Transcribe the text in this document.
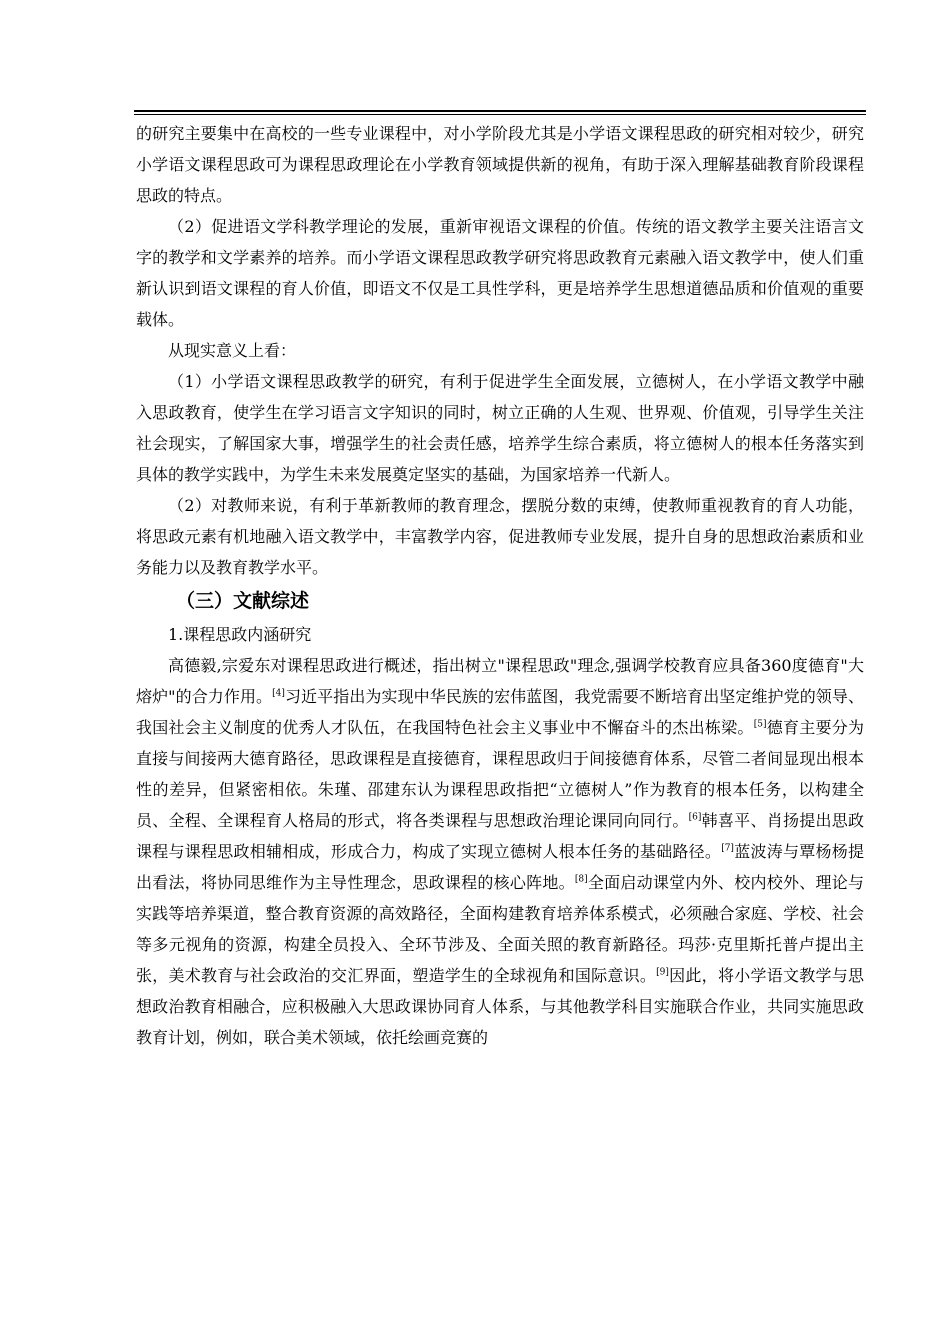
的研究主要集中在高校的一些专业课程中，对小学阶段尤其是小学语文课程思政的研究相对较少，研究小学语文课程思政可为课程思政理论在小学教育领域提供新的视角，有助于深入理解基础教育阶段课程思政的特点。

（2）促进语文学科教学理论的发展，重新审视语文课程的价值。传统的语文教学主要关注语言文字的教学和文学素养的培养。而小学语文课程思政教学研究将思政教育元素融入语文教学中，使人们重新认识到语文课程的育人价值，即语文不仅是工具性学科，更是培养学生思想道德品质和价值观的重要载体。

从现实意义上看：

（1）小学语文课程思政教学的研究，有利于促进学生全面发展，立德树人，在小学语文教学中融入思政教育，使学生在学习语言文字知识的同时，树立正确的人生观、世界观、价值观，引导学生关注社会现实，了解国家大事，增强学生的社会责任感，培养学生综合素质，将立德树人的根本任务落实到具体的教学实践中，为学生未来发展奠定坚实的基础，为国家培养一代新人。

（2）对教师来说，有利于革新教师的教育理念，摆脱分数的束缚，使教师重视教育的育人功能，将思政元素有机地融入语文教学中，丰富教学内容，促进教师专业发展，提升自身的思想政治素质和业务能力以及教育教学水平。

（三）文献综述
1.课程思政内涵研究

高德毅,宗爱东对课程思政进行概述，指出树立"课程思政"理念,强调学校教育应具备360度德育"大熔炉"的合力作用。[4]习近平指出为实现中华民族的宏伟蓝图，我党需要不断培育出坚定维护党的领导、我国社会主义制度的优秀人才队伍，在我国特色社会主义事业中不懈奋斗的杰出栋梁。[5]德育主要分为直接与间接两大德育路径，思政课程是直接德育，课程思政归于间接德育体系，尽管二者间显现出根本性的差异，但紧密相依。朱瑾、邵建东认为课程思政指把“立德树人”作为教育的根本任务，以构建全员、全程、全课程育人格局的形式，将各类课程与思想政治理论课同向同行。[6]韩喜平、肖扬提出思政课程与课程思政相辅相成，形成合力，构成了实现立德树人根本任务的基础路径。[7]蓝波涛与覃杨杨提出看法，将协同思维作为主导性理念，思政课程的核心阵地。[8]全面启动课堂内外、校内校外、理论与实践等培养渠道，整合教育资源的高效路径，全面构建教育培养体系模式，必须融合家庭、学校、社会等多元视角的资源，构建全员投入、全环节涉及、全面关照的教育新路径。玛莎·克里斯托普卢提出主张，美术教育与社会政治的交汇界面，塑造学生的全球视角和国际意识。[9]因此，将小学语文教学与思想政治教育相融合，应积极融入大思政课协同育人体系，与其他教学科目实施联合作业，共同实施思政教育计划，例如，联合美术领域，依托绘画竞赛的
